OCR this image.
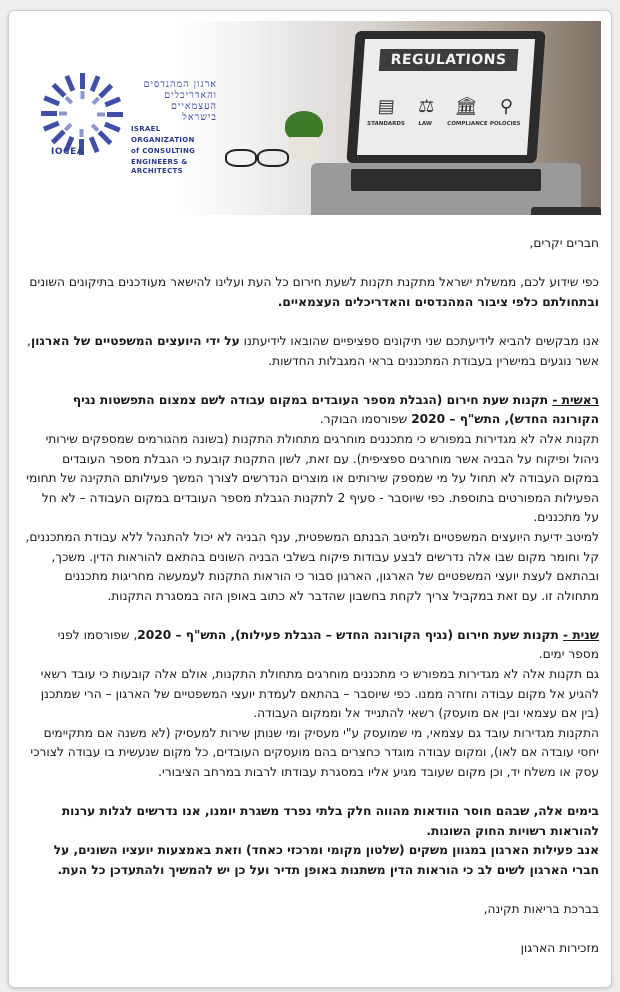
ארגון המהנדסים
והאדריכלים
העצמאיים
בישראל
ISRAEL
ORGANIZATION
of CONSULTING
ENGINEERS & ARCHITECTS
IOCEA
REGULATIONS
▤
STANDARDS
⚖
LAW
🏛
COMPLIANCE
⚲
POLOCIES

חברים יקרים,

כפי שידוע לכם, ממשלת ישראל מתקנת תקנות לשעת חירום כל העת ועלינו להישאר מעודכנים בתיקונים השונים ובתחולתם כלפי ציבור המהנדסים והאדריכלים העצמאיים.

אנו מבקשים להביא לידיעתכם שני תיקונים ספציפיים שהובאו לידיעתנו על ידי היועצים המשפטיים של הארגון, אשר נוגעים במישרין בעבודת המתכננים בראי המגבלות החדשות.

ראשית - תקנות שעת חירום (הגבלת מספר העובדים במקום עבודה לשם צמצום התפשטות נגיף הקורונה החדש), התש"ף – 2020 שפורסמו הבוקר.

תקנות אלה לא מגדירות במפורש כי מתכננים מוחרגים מתחולת התקנות (בשונה מהגורמים שמספקים שירותי ניהול ופיקוח על הבניה אשר מוחרגים ספציפית). עם זאת, לשון התקנות קובעת כי הגבלת מספר העובדים במקום העבודה לא תחול על מי שמספק שירותים או מוצרים הנדרשים לצורך המשך פעילותם התקינה של תחומי הפעילות המפורטים בתוספת. כפי שיוסבר - סעיף 2 לתקנות הגבלת מספר העובדים במקום העבודה – לא חל על מתכננים.

למיטב ידיעת היועצים המשפטיים ולמיטב הבנתם המשפטית, ענף הבניה לא יכול להתנהל ללא עבודת המתכננים, קל וחומר מקום שבו אלה נדרשים לבצע עבודות פיקוח בשלבי הבניה השונים בהתאם להוראות הדין. משכך, ובהתאם לעצת יועצי המשפטיים של הארגון, הארגון סבור כי הוראות התקנות לעמעשה מחריגות מתכננים מתחולה זו. עם זאת במקביל צריך לקחת בחשבון שהדבר לא כתוב באופן הזה במסגרת התקנות.

שנית - תקנות שעת חירום (נגיף הקורונה החדש – הגבלת פעילות), התש"ף – 2020, שפורסמו לפני מספר ימים.

גם תקנות אלה לא מגדירות במפורש כי מתכננים מוחרגים מתחולת התקנות, אולם אלה קובעות כי עובד רשאי להגיע אל מקום עבודה וחזרה ממנו. כפי שיוסבר – בהתאם לעמדת יועצי המשפטיים של הארגון – הרי שמתכנן (בין אם עצמאי ובין אם מועסק) רשאי להתנייד אל וממקום העבודה.

התקנות מגדירות עובד גם עצמאי, מי שמועסק ע"י מעסיק ומי שנותן שירות למעסיק (לא משנה אם מתקיימים יחסי עובדה אם לאו), ומקום עבודה מוגדר כחצרים בהם מועסקים העובדים, כל מקום שנעשית בו עבודה לצורכי עסק או משלח יד, וכן מקום שעובד מגיע אליו במסגרת עבודתו לרבות במרחב הציבורי.

בימים אלה, שבהם חוסר הוודאות מהווה חלק בלתי נפרד משגרת יומנו, אנו נדרשים לגלות ערנות להוראות רשויות החוק השונות.

אנב פעילות הארגון במגוון משקים (שלטון מקומי ומרכזי כאחד) וזאת באמצעות יועציו השונים, על חברי הארגון לשים לב כי הוראות הדין משתנות באופן תדיר ועל כן יש להמשיך ולהתעדכן כל העת.

בברכת בריאות תקינה,

מזכירות הארגון
